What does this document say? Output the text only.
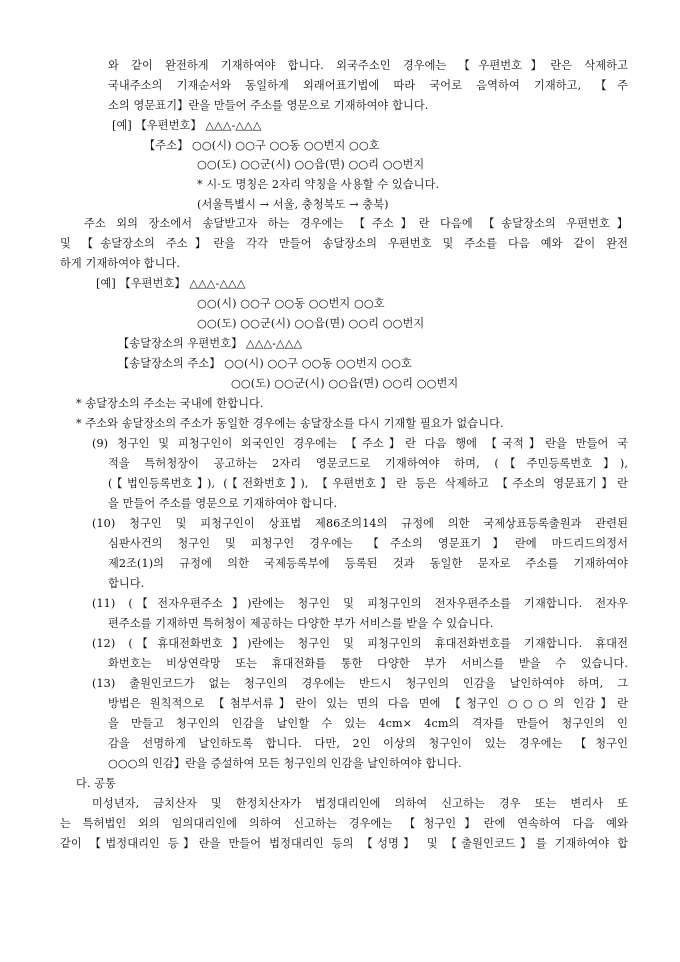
와 같이 완전하게 기재하여야 합니다. 외국주소인 경우에는 【우편번호】란은 삭제하고
국내주소의 기재순서와 동일하게 외래어표기법에 따라 국어로 음역하여 기재하고, 【주
소의 영문표기】란을 만들어 주소를 영문으로 기재하여야 합니다.
[예] 【우편번호】 △△△-△△△
【주소】 ○○(시) ○○구 ○○동 ○○번지 ○○호
○○(도) ○○군(시) ○○읍(면) ○○리 ○○번지
* 시·도 명칭은 2자리 약칭을 사용할 수 있습니다.
(서울특별시 → 서울, 충청북도 → 충북)
주소 외의 장소에서 송달받고자 하는 경우에는 【주소】란 다음에 【송달장소의 우편번호】
및 【송달장소의 주소】란을 각각 만들어 송달장소의 우편번호 및 주소를 다음 예와 같이 완전
하게 기재하여야 합니다.
[예] 【우편번호】 △△△-△△△
○○(시) ○○구 ○○동 ○○번지 ○○호
○○(도) ○○군(시) ○○읍(면) ○○리 ○○번지
【송달장소의 우편번호】 △△△-△△△
【송달장소의 주소】 ○○(시) ○○구 ○○동 ○○번지 ○○호
○○(도) ○○군(시) ○○읍(면) ○○리 ○○번지
* 송달장소의 주소는 국내에 한합니다.
* 주소와 송달장소의 주소가 동일한 경우에는 송달장소를 다시 기재할 필요가 없습니다.
(9) 청구인 및 피청구인이 외국인인 경우에는 【주소】란 다음 행에 【국적】란을 만들어 국
적을 특허청장이 공고하는 2자리 영문코드로 기재하여야 하며, (【주민등록번호】),
(【법인등록번호】), (【전화번호】), 【우편번호】란 등은 삭제하고 【주소의 영문표기】란
을 만들어 주소를 영문으로 기재하여야 합니다.
(10) 청구인 및 피청구인이 상표법 제86조의14의 규정에 의한 국제상표등록출원과 관련된
심판사건의 청구인 및 피청구인 경우에는 【주소의 영문표기】란에 마드리드의정서
제2조(1)의 규정에 의한 국제등록부에 등록된 것과 동일한 문자로 주소를 기재하여야
합니다.
(11) (【전자우편주소】)란에는 청구인 및 피청구인의 전자우편주소를 기재합니다. 전자우
편주소를 기재하면 특허청이 제공하는 다양한 부가 서비스를 받을 수 있습니다.
(12) (【휴대전화번호】)란에는 청구인 및 피청구인의 휴대전화번호를 기재합니다. 휴대전
화번호는 비상연락망 또는 휴대전화를 통한 다양한 부가 서비스를 받을 수 있습니다.
(13) 출원인코드가 없는 청구인의 경우에는 반드시 청구인의 인감을 날인하여야 하며, 그
방법은 원칙적으로 【첨부서류】란이 있는 면의 다음 면에 【청구인 ○○○의 인감】란
을 만들고 청구인의 인감을 날인할 수 있는 4cm× 4cm의 격자를 만들어 청구인의 인
감을 선명하게 날인하도록 합니다. 다만, 2인 이상의 청구인이 있는 경우에는 【청구인
○○○의 인감】란을 증설하여 모든 청구인의 인감을 날인하여야 합니다.
다. 공통
미성년자, 금치산자 및 한정치산자가 법정대리인에 의하여 신고하는 경우 또는 변리사 또
는 특허법인 외의 임의대리인에 의하여 신고하는 경우에는 【청구인】란에 연속하여 다음 예와
같이 【법정대리인 등】란을 만들어 법정대리인 등의 【성명】 및 【출원인코드】를 기재하여야 합
